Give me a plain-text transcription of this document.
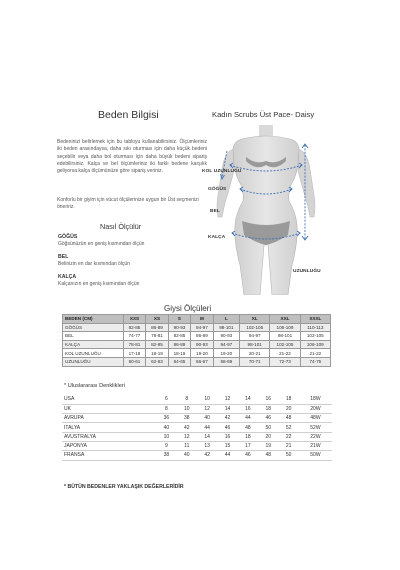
Beden Bilgisi	Kadın Scrubs Üst Pace- Daisy

Bedeninizi belirlemek için bu tabloyu kullanabilirsiniz. Ölçümleriniz iki beden arasındaysa, daha sıkı oturması için daha küçük bedeni seçebilir veya daha bol oturması için daha büyük bedeni sipariş edebilirsiniz. Kalça ve bel ölçümleriniz iki farklı bedene karşılık geliyorsa kalça ölçümünüze göre sipariş veriniz.

Konforlu bir giyim için vücut ölçülerinize uygun bir Üst seçmenizi öneririz.

Nasıl Ölçülür
GÖĞÜS
Göğsünüzün en geniş kısmından ölçün
BEL
Belinizin en dar kısmından ölçün
KALÇA
Kalçanızın en geniş kısmından ölçün
KOL UZUNLUĞU
GÖĞÜS
BEL
KALÇA
UZUNLUĞU
Giysi Ölçüleri
BEDEN (CM)	XXS	XS	S	M	L	XL	XXL	XXXL
GÖĞÜS	82-85	86-89	90-93	94-97	98-101	102-105	106-109	110-113
BEL	74-77	78-81	82-85	86-89	90-93	94-97	98-101	102-105
KALÇA	78-81	82-85	86-89	90-93	94-97	98-101	102-105	106-109
KOL UZUNLUĞU	17-18	18-19	18-19	19-20	19-20	20-21	21-22	21-22
UZUNLUĞU	60-61	62-63	64-65	66-67	68-69	70-71	72-73	74-75
* Uluslararası Denklikleri
USA	6	8	10	12	14	16	18	18W
UK	8	10	12	14	16	18	20	20W
AVRUPA	36	38	40	42	44	46	48	48W
ITALYA	40	42	44	46	48	50	52	52W
AVUSTRALYA	10	12	14	16	18	20	22	22W
JAPONYA	9	11	13	15	17	19	21	21W
FRANSA	38	40	42	44	46	48	50	50W
* BÜTÜN BEDENLER YAKLAŞIK DEĞERLERİDİR
